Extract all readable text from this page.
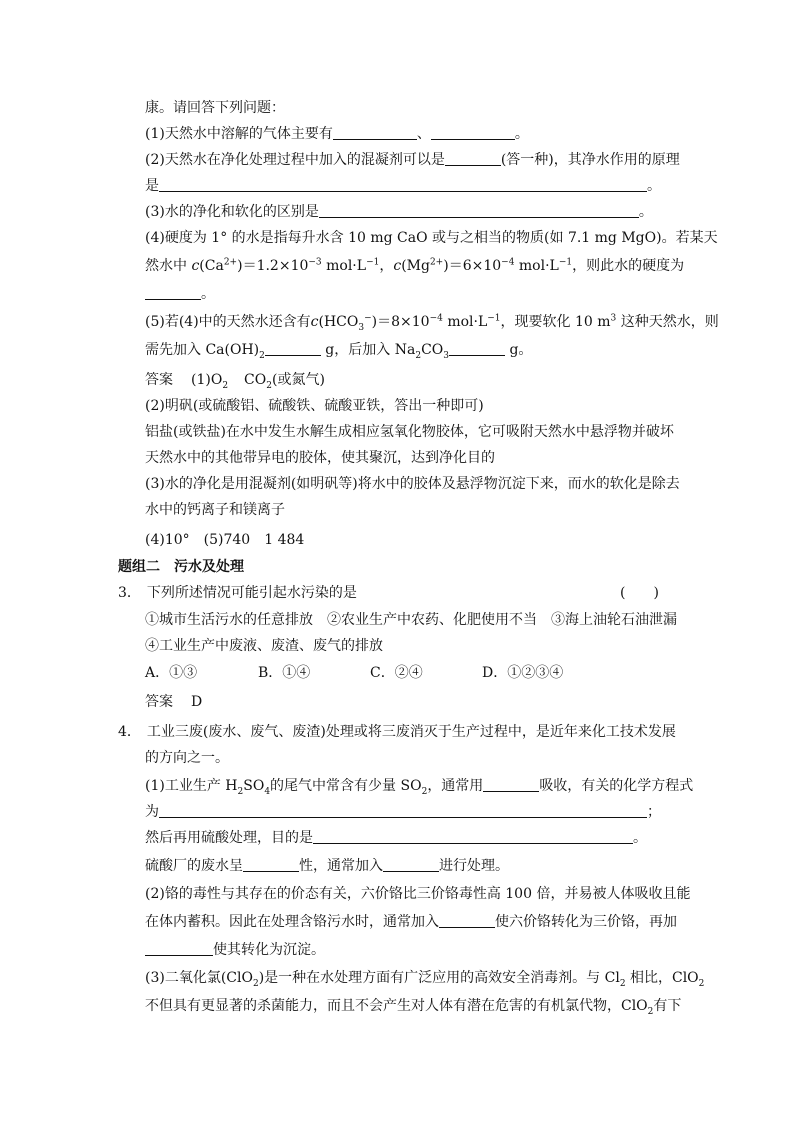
康。请回答下列问题：
(1)天然水中溶解的气体主要有	、	。
(2)天然水在净化处理过程中加入的混凝剂可以是	(答一种)，其净水作用的原理
是	。
(3)水的净化和软化的区别是	。
(4)硬度为 1° 的水是指每升水含 10 mg CaO 或与之相当的物质(如 7.1 mg MgO)。若某天
然水中 $c(Ca^{2+})=1.2\times 10^{-3}$ $mol\cdot L^{-1}$，$c(Mg^{2+})=6\times 10^{-4}$ $mol\cdot L^{-1}$，则此水的硬度为
。
(5)若(4)中的天然水还含有$c(HCO_3^-)=8\times 10^{-4}$ $mol\cdot L^{-1}$，现要软化 10 $m^3$ 这种天然水，则
需先加入 $Ca(OH)_2$	g，后加入 $Na_2CO_3$	g。
答案 $(1)O_2$ $CO_2$(或氮气)
(2)明矾(或硫酸铝、硫酸铁、硫酸亚铁，答出一种即可)
铝盐(或铁盐)在水中发生水解生成相应氢氧化物胶体，它可吸附天然水中悬浮物并破坏
天然水中的其他带异电的胶体，使其聚沉，达到净化目的
(3)水的净化是用混凝剂(如明矾等)将水中的胶体及悬浮物沉淀下来，而水的软化是除去
水中的钙离子和镁离子
(4)10° (5)740 1 484
题组二　污水及处理
3． 下列所述情况可能引起水污染的是	(　　)
①城市生活污水的任意排放　②农业生产中农药、化肥使用不当　③海上油轮石油泄漏
④工业生产中废液、废渣、废气的排放
A．①③	B．①④	C．②④	D．①②③④
答案 D
4． 工业三废(废水、废气、废渣)处理或将三废消灭于生产过程中，是近年来化工技术发展
的方向之一。
(1)工业生产 $H_2SO_4$的尾气中常含有少量 $SO_2$，通常用	吸收，有关的化学方程式
为	；
然后再用硫酸处理，目的是	。
硫酸厂的废水呈	性，通常加入	进行处理。
(2)铬的毒性与其存在的价态有关，六价铬比三价铬毒性高 100 倍，并易被人体吸收且能
在体内蓄积。因此在处理含铬污水时，通常加入	使六价铬转化为三价铬，再加
使其转化为沉淀。
(3)二氧化氯(ClO$_2$)是一种在水处理方面有广泛应用的高效安全消毒剂。与 $Cl_2$ 相比，ClO$_2$
不但具有更显著的杀菌能力，而且不会产生对人体有潜在危害的有机氯代物，ClO$_2$有下
